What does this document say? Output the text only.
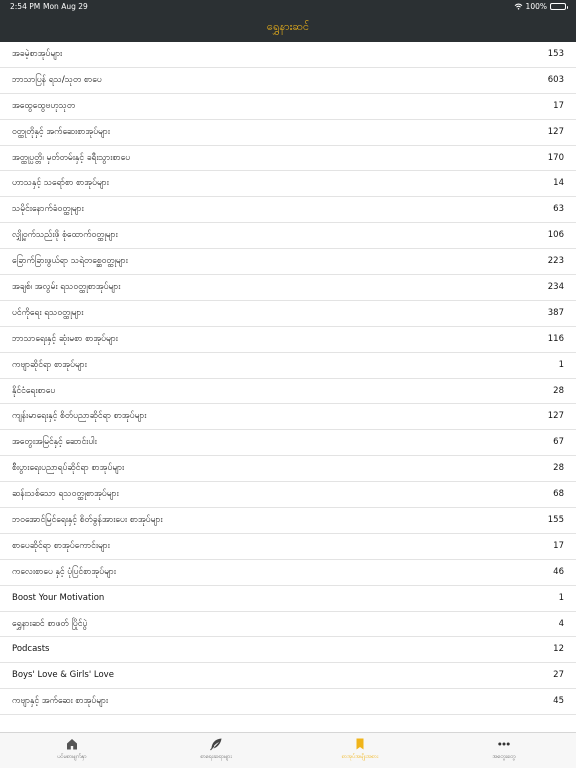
2:54 PM Mon Aug 29	100%
ရွှေနားဆင်
အခမဲ့စာအုပ်များ	153
ဘာသာပြန် ရသ/သုတ စာပေ	603
အထွေထွေဗဟုသုတ	17
ဝတ္ထုတိုနှင့် အက်ဆေးစာအုပ်များ	127
အတ္ထုပ္ပတ္တိ၊ မှတ်တမ်းနှင့် ခရီးသွားစာပေ	170
ဟာသနှင့် သရော်စာ စာအုပ်များ	14
သမိုင်းနောက်ခံဝတ္ထုများ	63
လျှို့ဝှက်သည်းဖို စုံထောက်ဝတ္ထုများ	106
ခြောက်ခြားဖွယ်ရာ သရဲတစ္ဆေဝတ္ထုများ	223
အချစ်၊ အလွမ်း ရသဝတ္ထုစာအုပ်များ	234
ပင်ကိုရေး ရသဝတ္ထုများ	387
ဘာသာရေးနှင့် ဆုံးမစာ စာအုပ်များ	116
ကဗျာဆိုင်ရာ စာအုပ်များ	1
နိုင်ငံရေးစာပေ	28
ကျန်းမာရေးနှင့် စိတ်ပညာဆိုင်ရာ စာအုပ်များ	127
အတွေးအမြင်နှင့် ဆောင်းပါး	67
စီးပွားရေးပညာရပ်ဆိုင်ရာ စာအုပ်များ	28
ဆန်းသစ်သော ရသဝတ္ထုစာအုပ်များ	68
ဘဝအောင်မြင်ရေးနှင့် စိတ်ခွန်အားပေး စာအုပ်များ	155
စာပေဆိုင်ရာ စာအုပ်ကောင်းများ	17
ကလေးစာပေ နှင့် ပုံပြင်စာအုပ်များ	46
Boost Your Motivation	1
ရွှေနားဆင် စာဖတ် ပြိုင်ပွဲ	4
Podcasts	12
Boys' Love & Girls' Love	27
ကဗျာနှင့် အက်ဆေး စာအုပ်များ	45
ပင်မစာမျက်နှာ	စာရေးဆရာများ	စာအုပ်အမျိုးအစား	အတွေးတွေ
